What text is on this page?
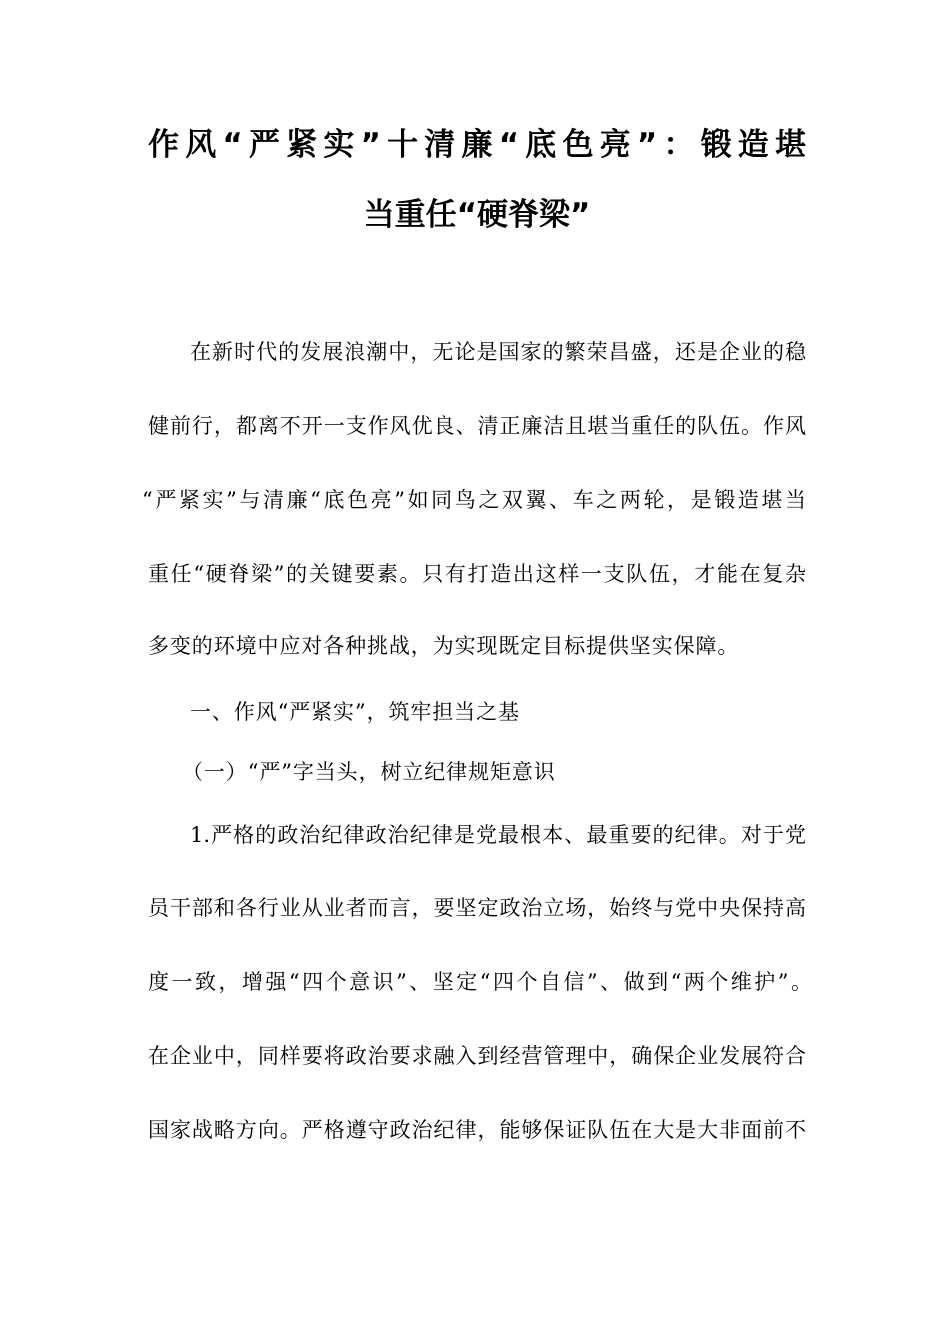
作风“严紧实”十清廉“底色亮”：锻造堪
当重任“硬脊梁”
在新时代的发展浪潮中，无论是国家的繁荣昌盛，还是企业的稳
健前行，都离不开一支作风优良、清正廉洁且堪当重任的队伍。作风
“严紧实”与清廉“底色亮”如同鸟之双翼、车之两轮，是锻造堪当
重任“硬脊梁”的关键要素。只有打造出这样一支队伍，才能在复杂
多变的环境中应对各种挑战，为实现既定目标提供坚实保障。
一、作风“严紧实”，筑牢担当之基
（一）“严”字当头，树立纪律规矩意识
1.严格的政治纪律政治纪律是党最根本、最重要的纪律。对于党
员干部和各行业从业者而言，要坚定政治立场，始终与党中央保持高
度一致，增强“四个意识”、坚定“四个自信”、做到“两个维护”。
在企业中，同样要将政治要求融入到经营管理中，确保企业发展符合
国家战略方向。严格遵守政治纪律，能够保证队伍在大是大非面前不
